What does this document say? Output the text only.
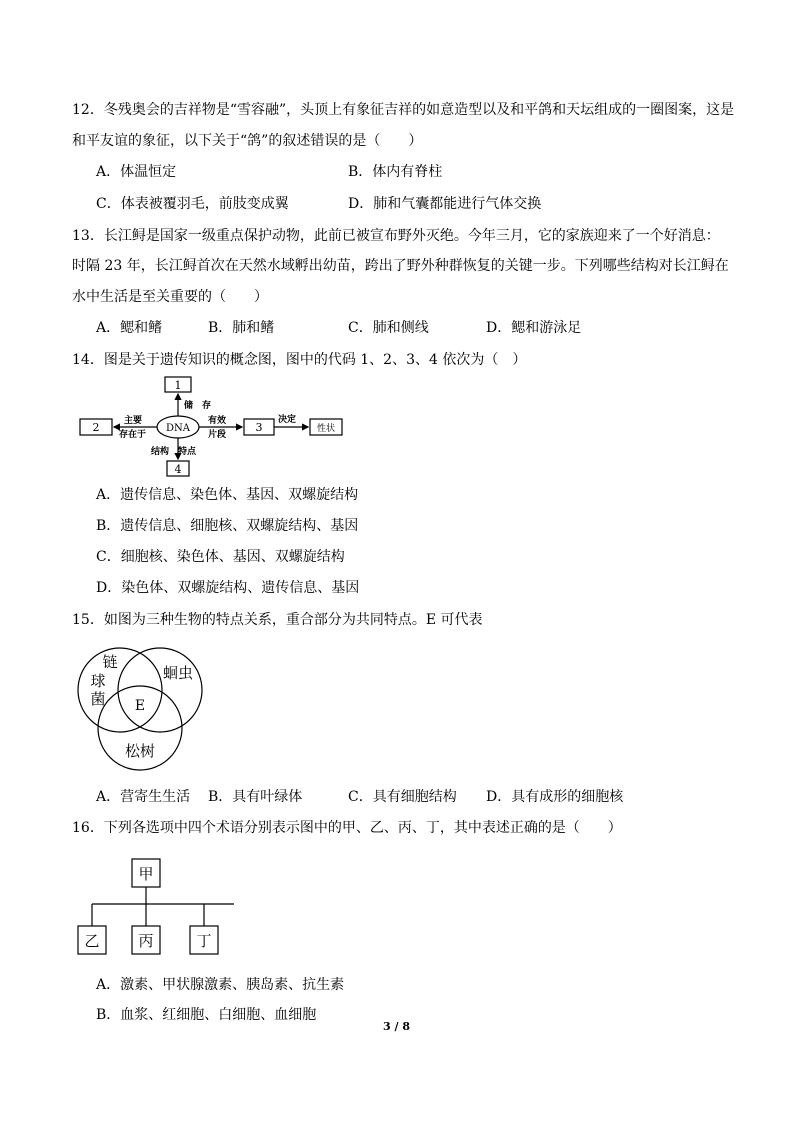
12．冬残奥会的吉祥物是“雪容融”，头顶上有象征吉祥的如意造型以及和平鸽和天坛组成的一圈图案，这是
和平友谊的象征，以下关于“鸽”的叙述错误的是（　　）
A．体温恒定	B．体内有脊柱
C．体表被覆羽毛，前肢变成翼	D．肺和气囊都能进行气体交换
13．长江鲟是国家一级重点保护动物，此前已被宣布野外灭绝。今年三月，它的家族迎来了一个好消息：
时隔 23 年，长江鲟首次在天然水域孵出幼苗，跨出了野外种群恢复的关键一步。下列哪些结构对长江鲟在
水中生活是至关重要的（　　）
A．鳃和鳍	B．肺和鳍	C．肺和侧线	D．鳃和游泳足
14．图是关于遗传知识的概念图，图中的代码 1、2、3、4 依次为（　）
1
2	DNA	3	性状
4
储　存
主要
存在于
有效
片段
决定
结构　特点
A．遗传信息、染色体、基因、双螺旋结构
B．遗传信息、细胞核、双螺旋结构、基因
C．细胞核、染色体、基因、双螺旋结构
D．染色体、双螺旋结构、遗传信息、基因
15．如图为三种生物的特点关系，重合部分为共同特点。E 可代表
链
球
菌
蛔虫
松树
E
A．营寄生生活 B．具有叶绿体	C．具有细胞结构 D．具有成形的细胞核
16．下列各选项中四个术语分别表示图中的甲、乙、丙、丁，其中表述正确的是（　　）
甲
乙	丙	丁
A．激素、甲状腺激素、胰岛素、抗生素
B．血浆、红细胞、白细胞、血细胞
3 / 8
